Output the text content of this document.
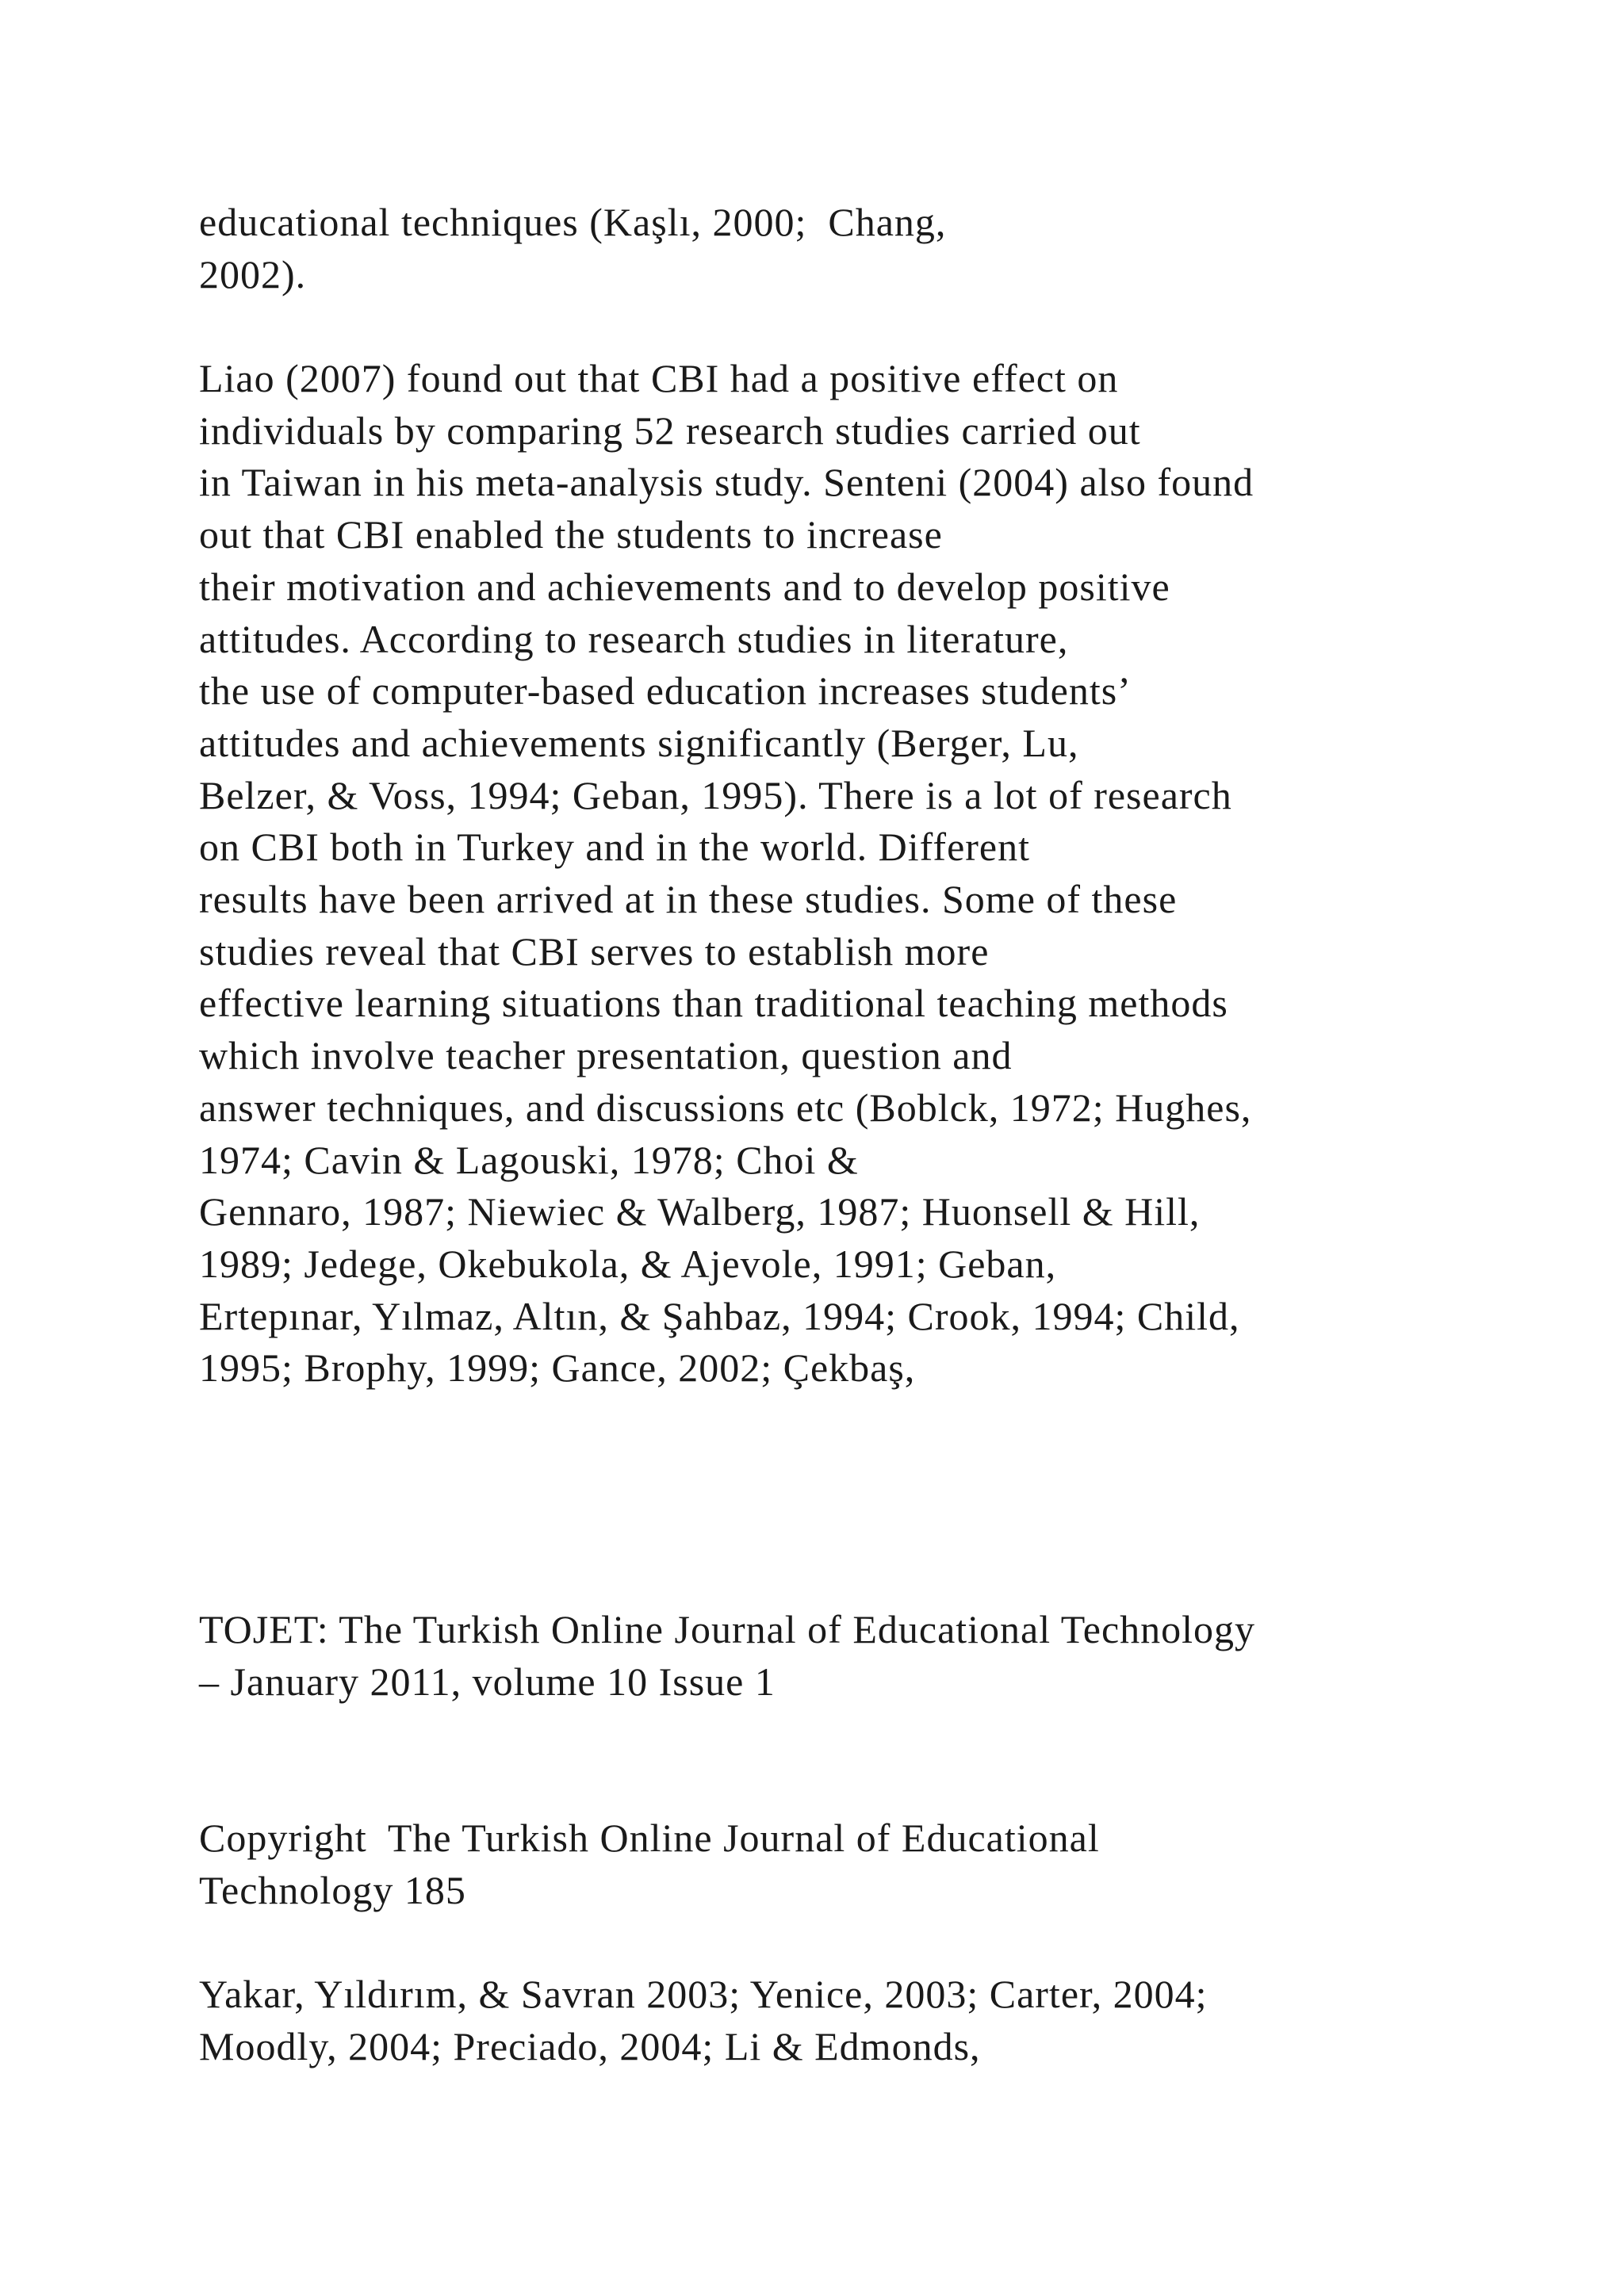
educational techniques (Kaşlı, 2000;  Chang,
2002).

Liao (2007) found out that CBI had a positive effect on
individuals by comparing 52 research studies carried out
in Taiwan in his meta-analysis study. Senteni (2004) also found
out that CBI enabled the students to increase
their motivation and achievements and to develop positive
attitudes. According to research studies in literature,
the use of computer-based education increases students’
attitudes and achievements significantly (Berger, Lu,
Belzer, & Voss, 1994; Geban, 1995). There is a lot of research
on CBI both in Turkey and in the world. Different
results have been arrived at in these studies. Some of these
studies reveal that CBI serves to establish more
effective learning situations than traditional teaching methods
which involve teacher presentation, question and
answer techniques, and discussions etc (Boblck, 1972; Hughes,
1974; Cavin & Lagouski, 1978; Choi &
Gennaro, 1987; Niewiec & Walberg, 1987; Huonsell & Hill,
1989; Jedege, Okebukola, & Ajevole, 1991; Geban,
Ertepınar, Yılmaz, Altın, & Şahbaz, 1994; Crook, 1994; Child,
1995; Brophy, 1999; Gance, 2002; Çekbaş,

TOJET: The Turkish Online Journal of Educational Technology
– January 2011, volume 10 Issue 1

Copyright  The Turkish Online Journal of Educational
Technology 185

Yakar, Yıldırım, & Savran 2003; Yenice, 2003; Carter, 2004;
Moodly, 2004; Preciado, 2004; Li & Edmonds,
